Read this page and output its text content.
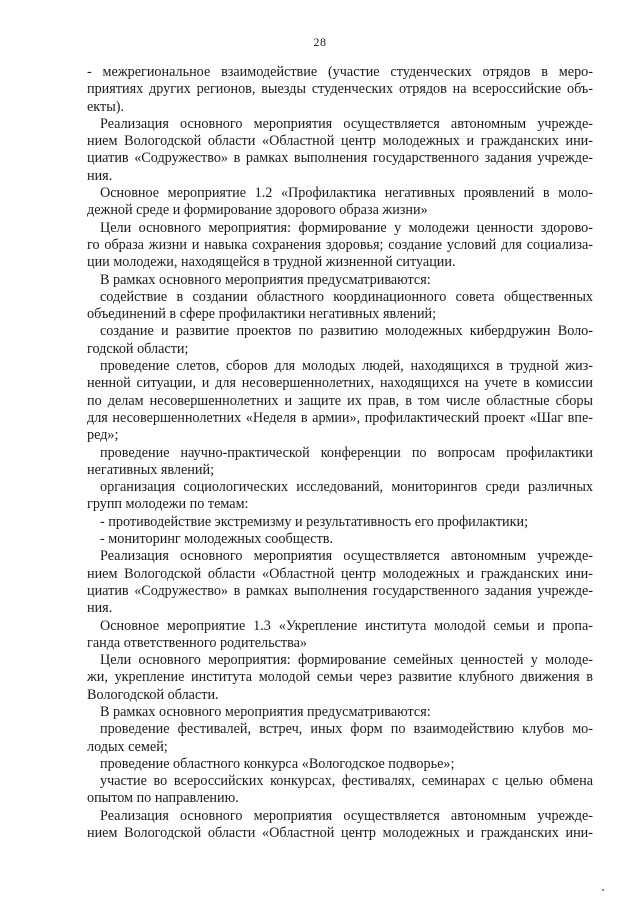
28
- межрегиональное взаимодействие (участие студенческих отрядов в меро-
приятиях других регионов, выезды студенческих отрядов на всероссийские объ-
екты).
Реализация основного мероприятия осуществляется автономным учрежде-
нием Вологодской области «Областной центр молодежных и гражданских ини-
циатив «Содружество» в рамках выполнения государственного задания учрежде-
ния.
Основное мероприятие 1.2 «Профилактика негативных проявлений в моло-
дежной среде и формирование здорового образа жизни»
Цели основного мероприятия: формирование у молодежи ценности здорово-
го образа жизни и навыка сохранения здоровья; создание условий для социализа-
ции молодежи, находящейся в трудной жизненной ситуации.
В рамках основного мероприятия предусматриваются:
содействие в создании областного координационного совета общественных
объединений в сфере профилактики негативных явлений;
создание и развитие проектов по развитию молодежных кибердружин Воло-
годской области;
проведение слетов, сборов для молодых людей, находящихся в трудной жиз-
ненной ситуации, и для несовершеннолетних, находящихся на учете в комиссии
по делам несовершеннолетних и защите их прав, в том числе областные сборы
для несовершеннолетних «Неделя в армии», профилактический проект «Шаг впе-
ред»;
проведение научно-практической конференции по вопросам профилактики
негативных явлений;
организация социологических исследований, мониторингов среди различных
групп молодежи по темам:
- противодействие экстремизму и результативность его профилактики;
- мониторинг молодежных сообществ.
Реализация основного мероприятия осуществляется автономным учрежде-
нием Вологодской области «Областной центр молодежных и гражданских ини-
циатив «Содружество» в рамках выполнения государственного задания учрежде-
ния.
Основное мероприятие 1.3 «Укрепление института молодой семьи и пропа-
ганда ответственного родительства»
Цели основного мероприятия: формирование семейных ценностей у молоде-
жи, укрепление института молодой семьи через развитие клубного движения в
Вологодской области.
В рамках основного мероприятия предусматриваются:
проведение фестивалей, встреч, иных форм по взаимодействию клубов мо-
лодых семей;
проведение областного конкурса «Вологодское подворье»;
участие во всероссийских конкурсах, фестивалях, семинарах с целью обмена
опытом по направлению.
Реализация основного мероприятия осуществляется автономным учрежде-
нием Вологодской области «Областной центр молодежных и гражданских ини-
